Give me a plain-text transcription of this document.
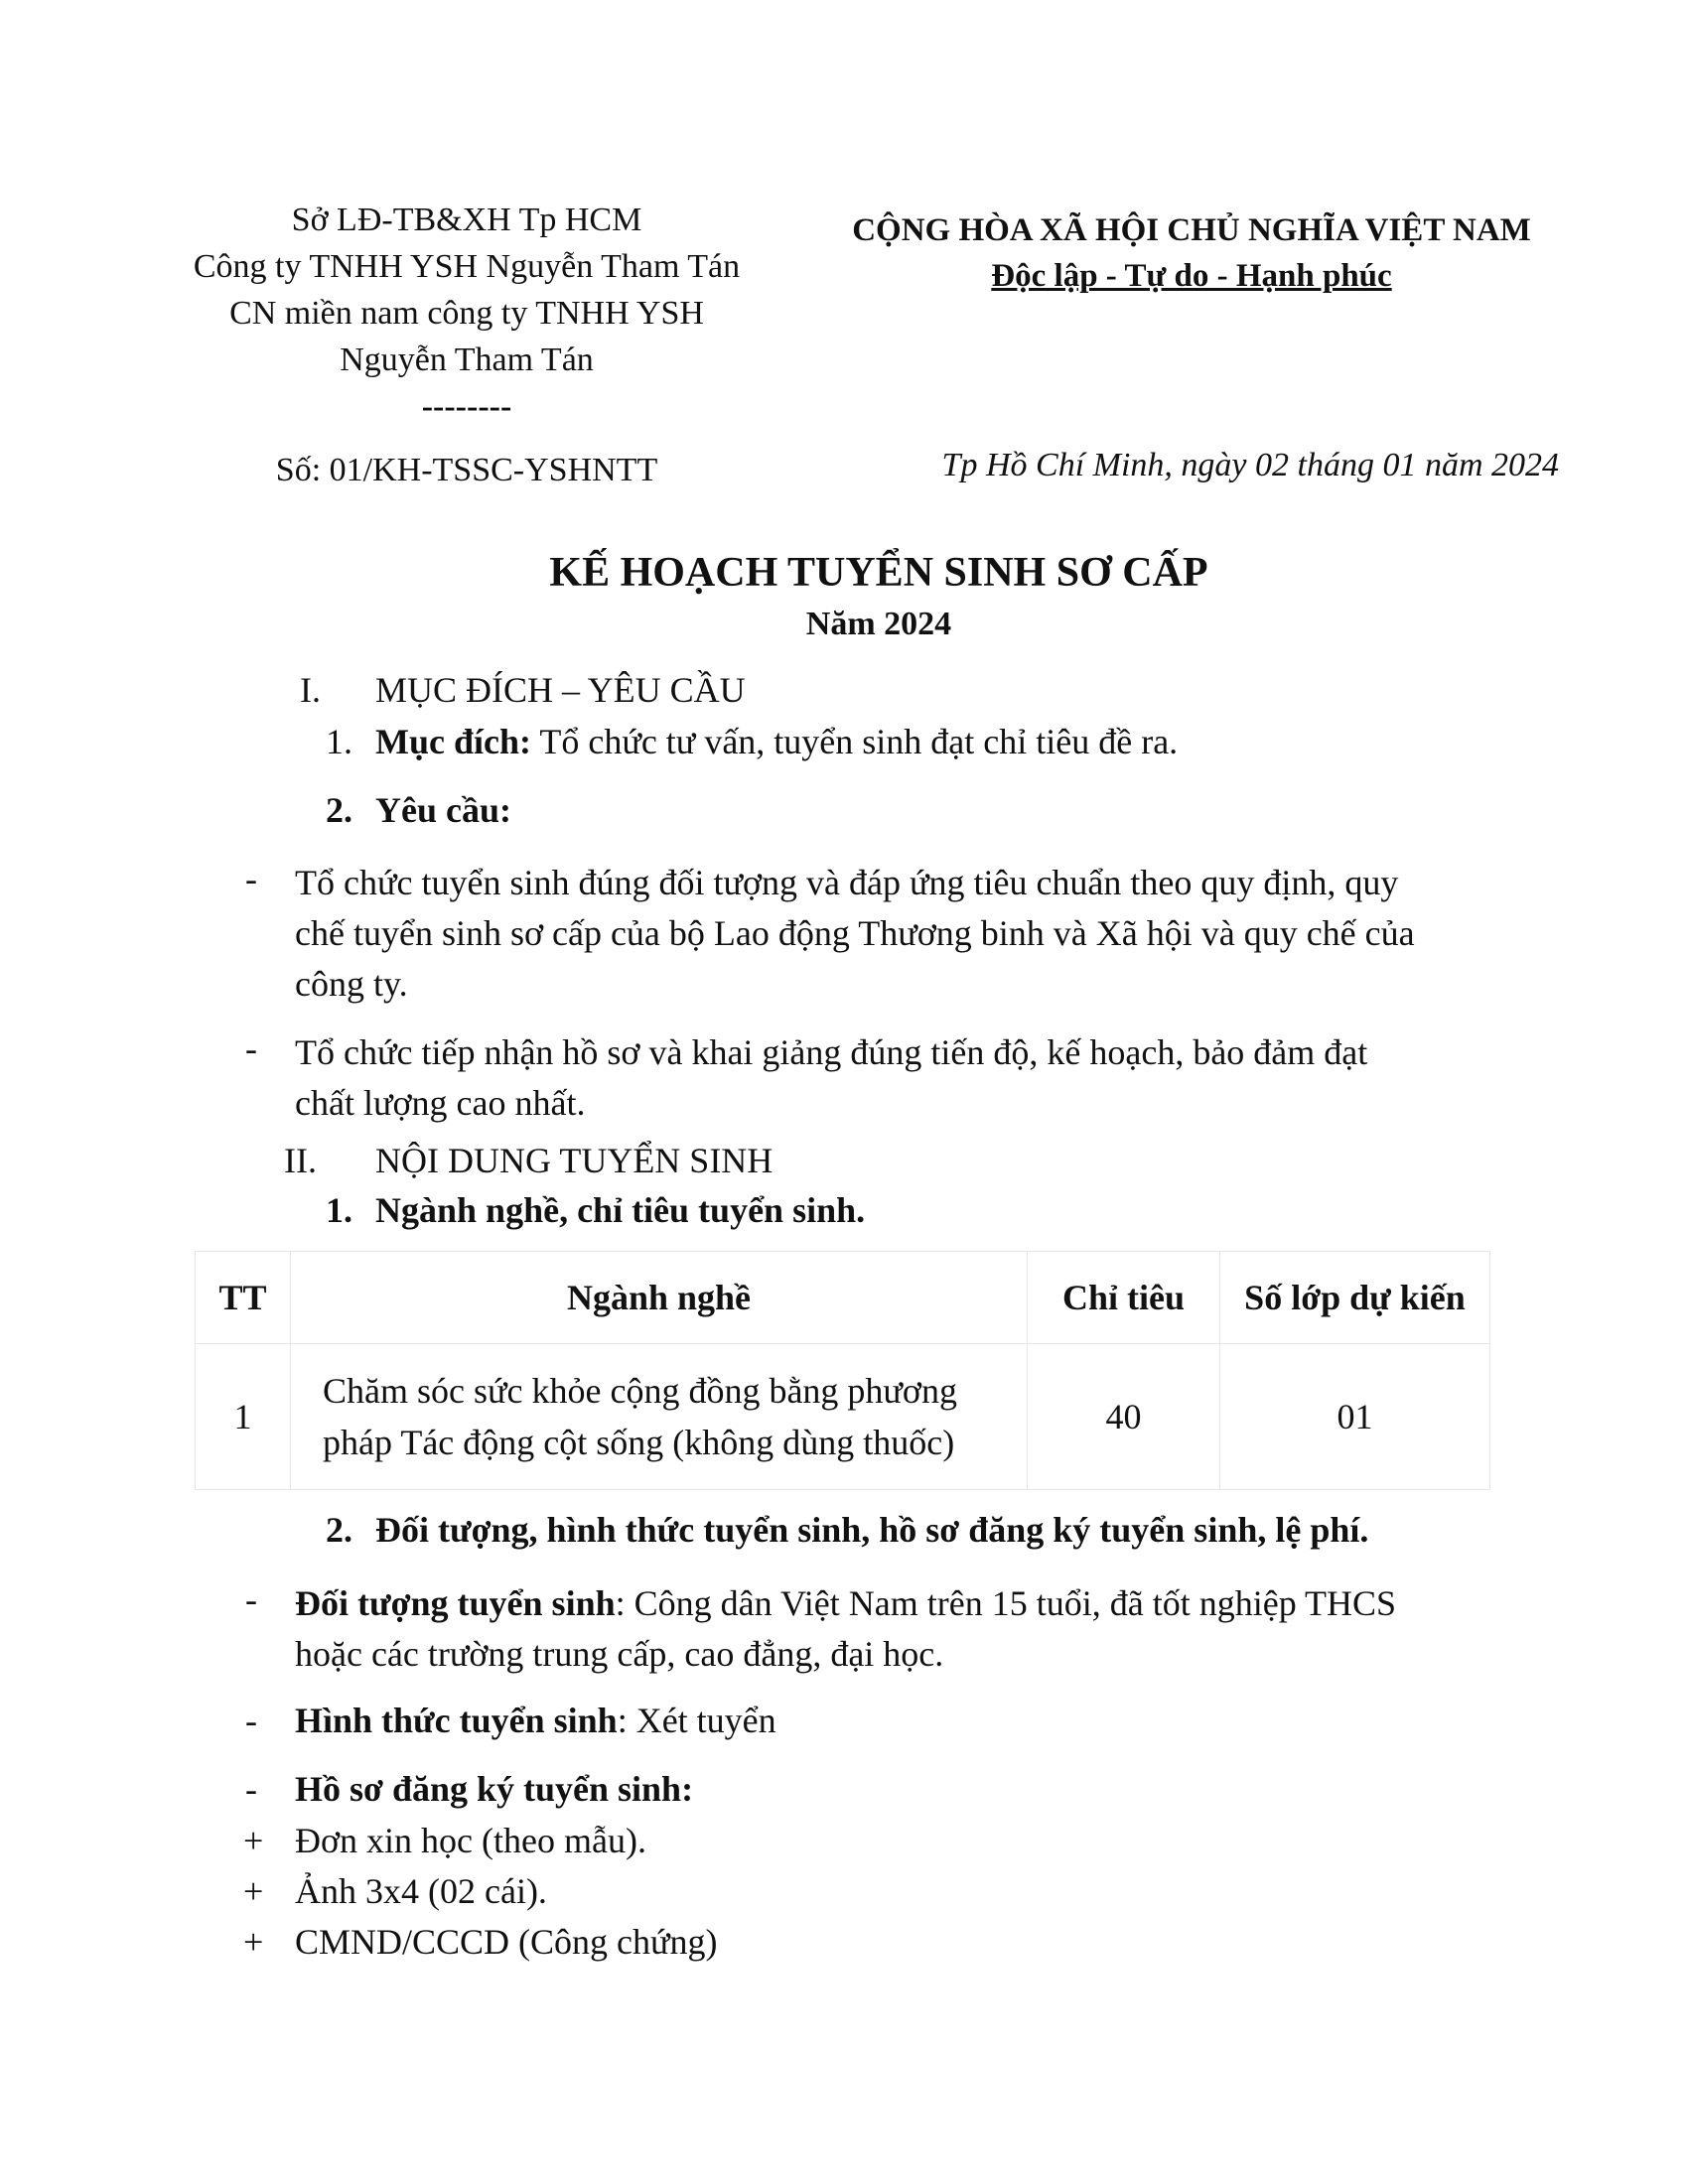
Sở LĐ-TB&XH Tp HCM
Công ty TNHH YSH Nguyễn Tham Tán
CN miền nam công ty TNHH YSH
Nguyễn Tham Tán
--------
Số: 01/KH-TSSC-YSHNTT
CỘNG HÒA XÃ HỘI CHỦ NGHĨA VIỆT NAM
Độc lập - Tự do - Hạnh phúc
Tp Hồ Chí Minh, ngày 02 tháng 01 năm 2024
KẾ HOẠCH TUYỂN SINH SƠ CẤP
Năm 2024
I. MỤC ĐÍCH – YÊU CẦU
1. Mục đích: Tổ chức tư vấn, tuyển sinh đạt chỉ tiêu đề ra.
2. Yêu cầu:
- Tổ chức tuyển sinh đúng đối tượng và đáp ứng tiêu chuẩn theo quy định, quy
chế tuyển sinh sơ cấp của bộ Lao động Thương binh và Xã hội và quy chế của
công ty.
- Tổ chức tiếp nhận hồ sơ và khai giảng đúng tiến độ, kế hoạch, bảo đảm đạt
chất lượng cao nhất.
II. NỘI DUNG TUYỂN SINH
1. Ngành nghề, chỉ tiêu tuyển sinh.
TT	Ngành nghề	Chỉ tiêu	Số lớp dự kiến
1	Chăm sóc sức khỏe cộng đồng bằng phương
pháp Tác động cột sống (không dùng thuốc)	40	01
2. Đối tượng, hình thức tuyển sinh, hồ sơ đăng ký tuyển sinh, lệ phí.
- Đối tượng tuyển sinh: Công dân Việt Nam trên 15 tuổi, đã tốt nghiệp THCS
hoặc các trường trung cấp, cao đẳng, đại học.
- Hình thức tuyển sinh: Xét tuyển
- Hồ sơ đăng ký tuyển sinh:
+ Đơn xin học (theo mẫu).
+ Ảnh 3x4 (02 cái).
+ CMND/CCCD (Công chứng)
